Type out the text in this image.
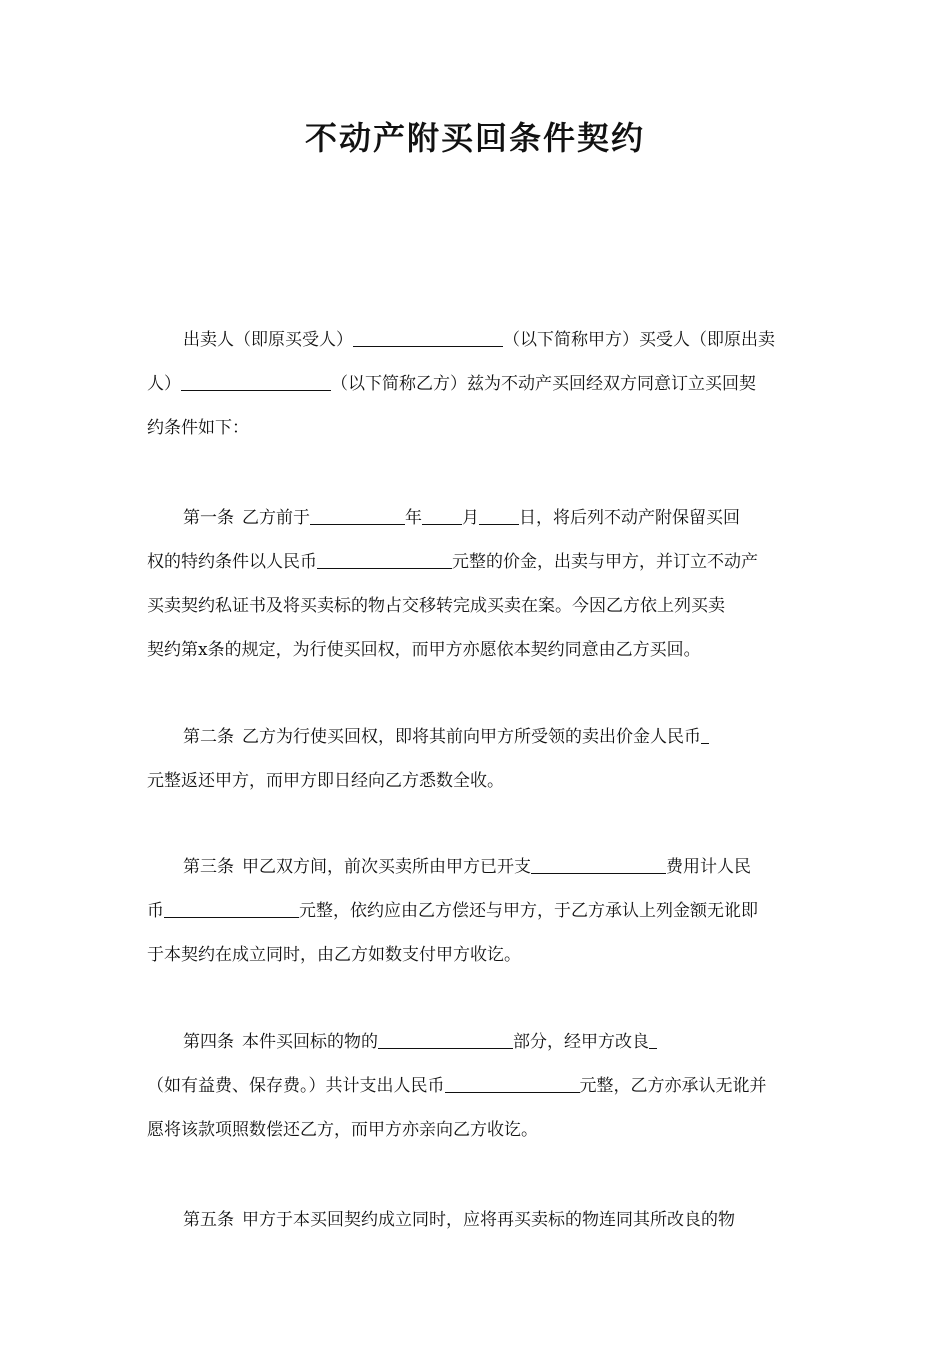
不动产附买回条件契约
出卖人（即原买受人）	（以下简称甲方）买受人（即原出卖
人）	（以下简称乙方）兹为不动产买回经双方同意订立买回契
约条件如下：
第一条 乙方前于	年 月 日，将后列不动产附保留买回
权的特约条件以人民币	元整的价金，出卖与甲方，并订立不动产
买卖契约私证书及将买卖标的物占交移转完成买卖在案。今因乙方依上列买卖
契约第x条的规定，为行使买回权，而甲方亦愿依本契约同意由乙方买回。
第二条 乙方为行使买回权，即将其前向甲方所受领的卖出价金人民币
元整返还甲方，而甲方即日经向乙方悉数全收。
第三条 甲乙双方间，前次买卖所由甲方已开支	费用计人民
币	元整，依约应由乙方偿还与甲方，于乙方承认上列金额无讹即
于本契约在成立同时，由乙方如数支付甲方收讫。
第四条 本件买回标的物的	部分，经甲方改良
（如有益费、保存费。）共计支出人民币	元整，乙方亦承认无讹并
愿将该款项照数偿还乙方，而甲方亦亲向乙方收讫。
第五条 甲方于本买回契约成立同时，应将再买卖标的物连同其所改良的物
